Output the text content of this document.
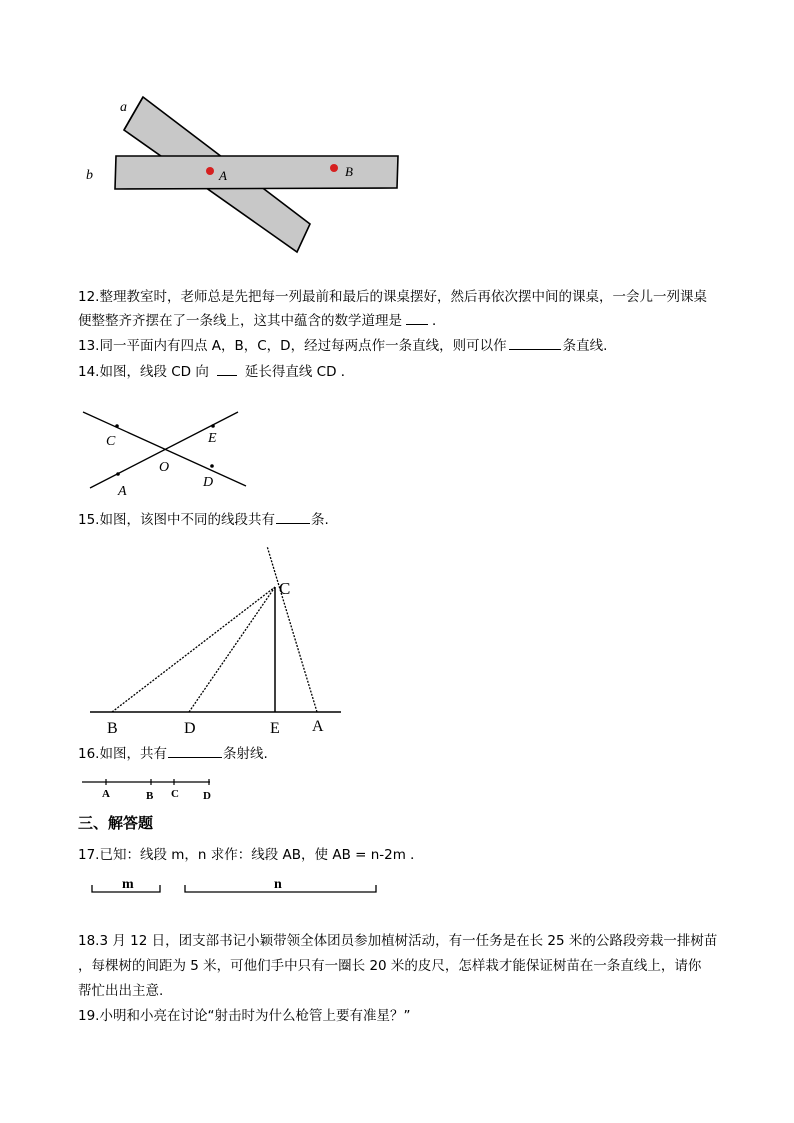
a
b	A	B
12.整理教室时，老师总是先把每一列最前和最后的课桌摆好，然后再依次摆中间的课桌，一会儿一列课桌
便整整齐齐摆在了一条线上，这其中蕴含的数学道理是 ．
13.同一平面内有四点 A，B，C，D，经过每两点作一条直线，则可以作	条直线.
14.如图，线段 CD 向	延长得直线 CD ．
C	E
O
A
D
15.如图，该图中不同的线段共有	条.
C
B	D	E A
16.如图，共有	条射线.
A	B C D
三、解答题
17.已知：线段 m，n 求作：线段 AB，使 AB = n-2m ．
m	n
18.3 月 12 日，团支部书记小颖带领全体团员参加植树活动，有一任务是在长 25 米的公路段旁栽一排树苗
，每棵树的间距为 5 米，可他们手中只有一圈长 20 米的皮尺，怎样栽才能保证树苗在一条直线上，请你
帮忙出出主意.
19.小明和小亮在讨论“射击时为什么枪管上要有准星？”
